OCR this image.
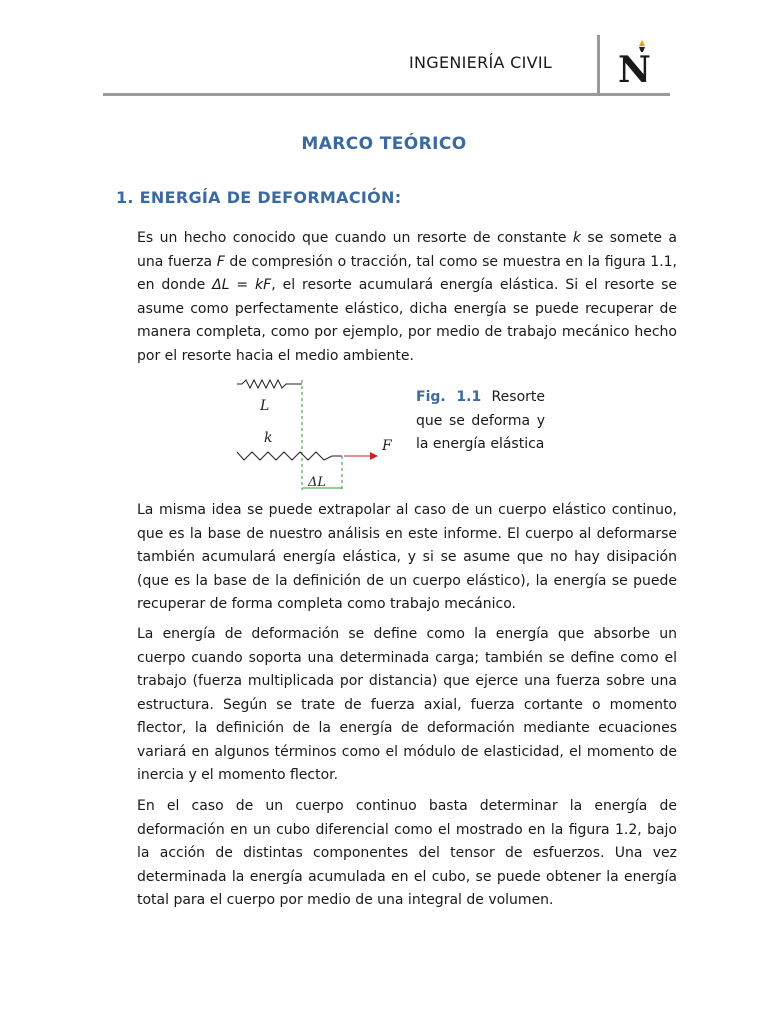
INGENIERÍA CIVIL N
MARCO TEÓRICO
1. ENERGÍA DE DEFORMACIÓN:

Es un hecho conocido que cuando un resorte de constante k se somete a una fuerza F de compresión o tracción, tal como se muestra en la figura 1.1, en donde ΔL = kF, el resorte acumulará energía elástica. Si el resorte se asume como perfectamente elástico, dicha energía se puede recuperar de manera completa, como por ejemplo, por medio de trabajo mecánico hecho por el resorte hacia el medio ambiente.

L
k	F
ΔL

Fig. 1.1 Resorte que se deforma y la energía elástica

La misma idea se puede extrapolar al caso de un cuerpo elástico continuo, que es la base de nuestro análisis en este informe. El cuerpo al deformarse también acumulará energía elástica, y si se asume que no hay disipación (que es la base de la definición de un cuerpo elástico), la energía se puede recuperar de forma completa como trabajo mecánico.

La energía de deformación se define como la energía que absorbe un cuerpo cuando soporta una determinada carga; también se define como el trabajo (fuerza multiplicada por distancia) que ejerce una fuerza sobre una estructura. Según se trate de fuerza axial, fuerza cortante o momento flector, la definición de la energía de deformación mediante ecuaciones variará en algunos términos como el módulo de elasticidad, el momento de inercia y el momento flector.

En el caso de un cuerpo continuo basta determinar la energía de deformación en un cubo diferencial como el mostrado en la figura 1.2, bajo la acción de distintas componentes del tensor de esfuerzos. Una vez determinada la energía acumulada en el cubo, se puede obtener la energía total para el cuerpo por medio de una integral de volumen.
